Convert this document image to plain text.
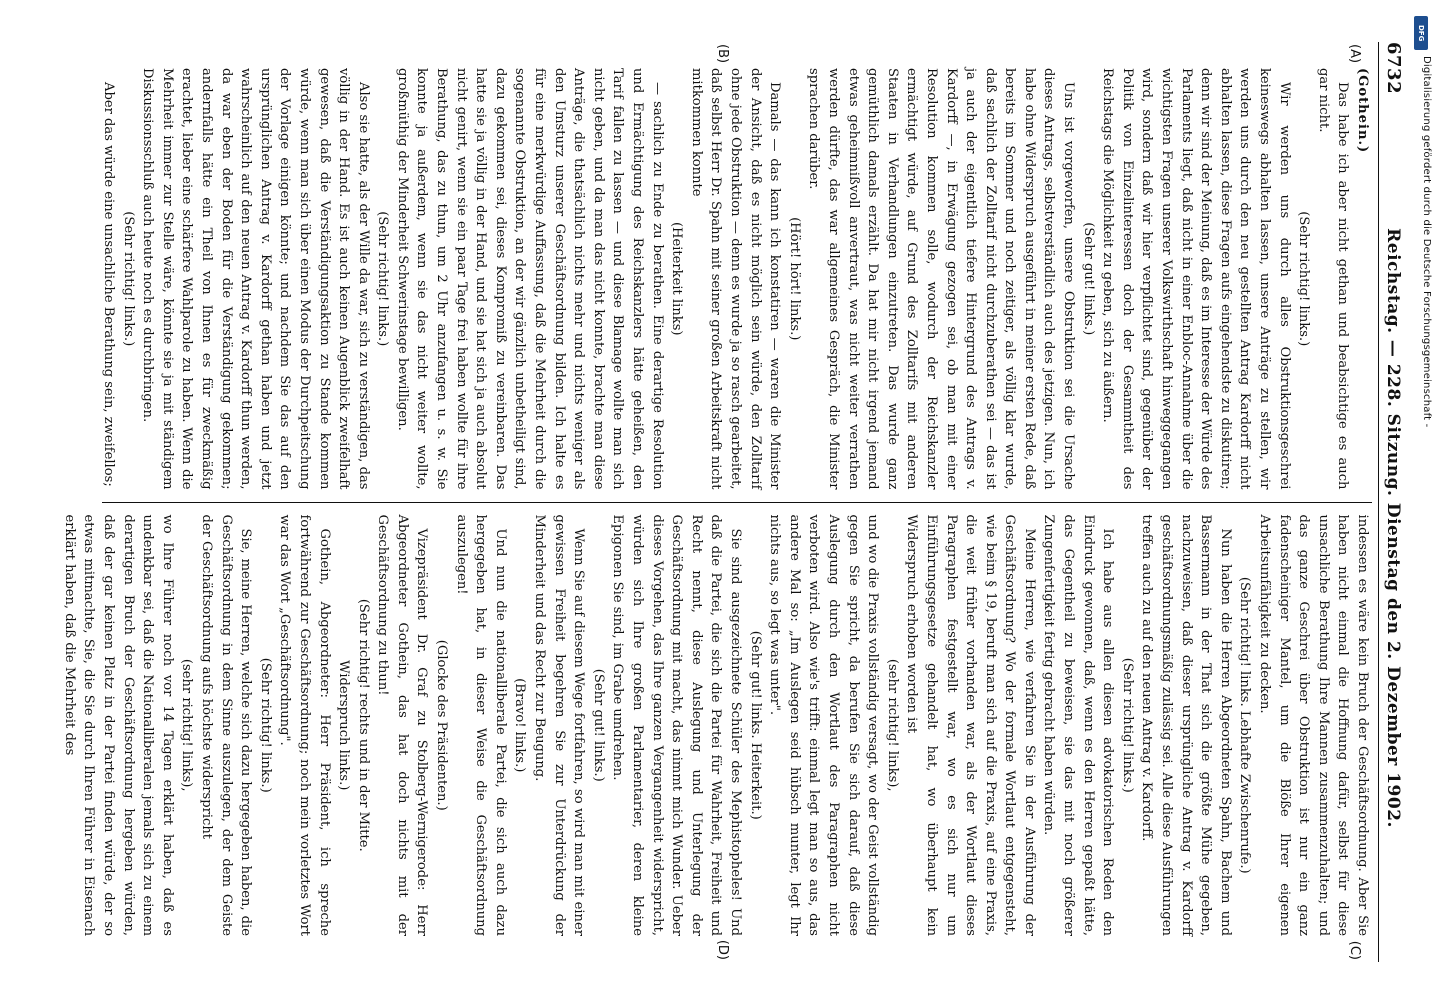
6732
Reichstag. — 228. Sitzung. Dienstag den 2. Dezember 1902.
(A)
(B)

(Gothein.)

Das habe ich aber nicht gethan und beabsichtige es auch gar nicht.

(Sehr richtig! links.)

Wir werden uns durch alles Obstruktionsgeschrei keineswegs abhalten lassen, unsere Anträge zu stellen, wir werden uns durch den neu gestellten Antrag Kardorff nicht abhalten lassen, diese Fragen aufs eingehendste zu diskutiren; denn wir sind der Meinung, daß es im Interesse der Würde des Parlaments liegt, daß nicht in einer Enbloc-Annahme über die wichtigsten Fragen unserer Volkswirthschaft hinweggegangen wird, sondern daß wir hier verpflichtet sind, gegenüber der Politik von Einzelinteressen doch der Gesammtheit des Reichstags die Möglichkeit zu geben, sich zu äußern.

(Sehr gut! links.)

Uns ist vorgeworfen, unsere Obstruktion sei die Ursache dieses Antrags, selbstverständlich auch des jetzigen. Nun, ich habe ohne Widerspruch ausgeführt in meiner ersten Rede, daß bereits im Sommer und noch zeitiger, als völlig klar wurde, daß sachlich der Zolltarif nicht durchzuberathen sei — das ist ja auch der eigentlich tiefere Hintergrund des Antrags v. Kardorff —, in Erwägung gezogen sei, ob man mit einer Resolution kommen solle, wodurch der Reichskanzler ermächtigt würde, auf Grund des Zolltarifs mit anderen Staaten in Verhandlungen einzutreten. Das wurde ganz gemüthlich damals erzählt. Da hat mir nicht irgend jemand etwas geheimnißvoll anvertraut, was nicht weiter verrathen werden dürfte, das war allgemeines Gespräch, die Minister sprachen darüber.

(Hört! hört! links.)

Damals — das kann ich konstatiren — waren die Minister der Ansicht, daß es nicht möglich sein würde, den Zolltarif ohne jede Obstruktion — denn es wurde ja so rasch gearbeitet, daß selbst Herr Dr. Spahn mit seiner großen Arbeitskraft nicht mitkommen konnte

(Heiterkeit links)

— sachlich zu Ende zu berathen. Eine derartige Resolution und Ermächtigung des Reichskanzlers hätte geheißen, den Tarif fallen zu lassen — und diese Blamage wollte man sich nicht geben, und da man das nicht konnte, brachte man diese Anträge, die thatsächlich nichts mehr und nichts weniger als den Umsturz unserer Geschäftsordnung bilden. Ich halte es für eine merkwürdige Auffassung, daß die Mehrheit durch die sogenannte Obstruktion, an der wir gänzlich unbetheiligt sind, dazu gekommen sei, dieses Kompromiß zu vereinbaren. Das hatte sie ja völlig in der Hand, und sie hat sich ja auch absolut nicht genirt, wenn sie ein paar Tage frei haben wollte für ihre Berathung, das zu thun, um 2 Uhr anzufangen u. s. w. Sie konnte ja außerdem, wenn sie das nicht weiter wollte, großmüthig der Minderheit Schwerinstage bewilligen.

(Sehr richtig! links.)

Also sie hatte, als der Wille da war, sich zu verständigen, das völlig in der Hand. Es ist auch keinen Augenblick zweifelhaft gewesen, daß die Verständigungsaktion zu Stande kommen würde, wenn man sich über einen Modus der Durchpeitschung der Vorlage einigen könnte; und nachdem Sie das auf den ursprünglichen Antrag v. Kardorff gethan haben und jetzt wahrscheinlich auf den neuen Antrag v. Kardorff thun werden, da war eben der Boden für die Verständigung gekommen; andernfalls hätte ein Theil von Ihnen es für zweckmäßig erachtet, lieber eine schärfere Wahlparole zu haben. Wenn die Mehrheit immer zur Stelle wäre, könnte sie ja mit ständigem Diskussionsschluß auch heute noch es durchbringen.

(Sehr richtig! links.)

Aber das würde eine unsachliche Berathung sein, zweifellos;

(C)
(D)

indessen es wäre kein Bruch der Geschäftsordnung. Aber Sie haben nicht einmal die Hoffnung dafür, selbst für diese unsachliche Berathung Ihre Mannen zusammenzuhalten; und das ganze Geschrei über Obstruktion ist nur ein ganz fadenscheiniger Mantel, um die Blöße Ihrer eigenen Arbeitsunfähigkeit zu decken.

(Sehr richtig! links. Lebhafte Zwischenrufe.)

Nun haben die Herren Abgeordneten Spahn, Bachem und Bassermann in der That sich die größte Mühe gegeben, nachzuweisen, daß dieser ursprüngliche Antrag v. Kardorff geschäftsordnungsmäßig zulässig sei. Alle diese Ausführungen treffen auch zu auf den neuen Antrag v. Kardorff.

(Sehr richtig! links.)

Ich habe aus allen diesen advokatorischen Reden den Eindruck gewonnen, daß, wenn es den Herren gepaßt hätte, das Gegentheil zu beweisen, sie das mit noch größerer Zungenfertigkeit fertig gebracht haben würden.

Meine Herren, wie verfahren Sie in der Ausführung der Geschäftsordnung? Wo der formale Wortlaut entgegensteht, wie beim § 19, beruft man sich auf die Praxis, auf eine Praxis, die weit früher vorhanden war, als der Wortlaut dieses Paragraphen festgestellt war, wo es sich nur um Einführungsgesetze gehandelt hat, wo überhaupt kein Widerspruch erhoben worden ist

(sehr richtig! links),

und wo die Praxis vollständig versagt, wo der Geist vollständig gegen Sie spricht, da berufen Sie sich darauf, daß diese Auslegung durch den Wortlaut des Paragraphen nicht verboten wird. Also wie's trifft: einmal legt man so aus, das andere Mal so: „Im Auslegen seid hübsch munter, legt Ihr nichts aus, so legt was unter".

(Sehr gut! links. Heiterkeit.)

Sie sind ausgezeichnete Schüler des Mephistopheles! Und daß die Partei, die sich die Partei für Wahrheit, Freiheit und Recht nennt, diese Auslegung und Unterlegung der Geschäftsordnung mit macht, das nimmt mich Wunder. Ueber dieses Vorgehen, das Ihre ganzen Vergangenheit widerspricht, würden sich Ihre großen Parlamentarier, deren kleine Epigonen Sie sind, im Grabe umdrehen.

(Sehr gut! links.)

Wenn Sie auf diesem Wege fortfahren, so wird man mit einer gewissen Freiheit begehren Sie zur Unterdrückung der Minderheit und das Recht zur Beugung.

(Bravo! links.)

Und nun die nationalliberale Partei, die sich auch dazu hergegeben hat, in dieser Weise die Geschäftsordnung auszulegen!

(Glocke des Präsidenten.)

Vizepräsident Dr. Graf zu Stolberg-Wernigerode: Herr Abgeordneter Gothein, das hat doch nichts mit der Geschäftsordnung zu thun!

(Sehr richtig! rechts und in der Mitte.

Widerspruch links.)

Gothein, Abgeordneter: Herr Präsident, ich spreche fortwährend zur Geschäftsordnung; noch mein vorletztes Wort war das Wort „Geschäftsordnung".

(Sehr richtig! links.)

Sie, meine Herren, welche sich dazu hergegeben haben, die Geschäftsordnung in dem Sinne auszulegen, der dem Geiste der Geschäftsordnung aufs höchste widerspricht

(sehr richtig! links),

wo Ihre Führer noch vor 14 Tagen erklärt haben, daß es undenkbar sei, daß die Nationalliberalen jemals sich zu einem derartigen Bruch der Geschäftsordnung hergeben würden, daß der gar keinen Platz in der Partei finden würde, der so etwas mitmachte, Sie, die Sie durch Ihren Führer in Eisenach erklärt haben, daß die Mehrheit des

DFG
Digitalisierung gefördert durch die Deutsche Forschungsgemeinschaft -
